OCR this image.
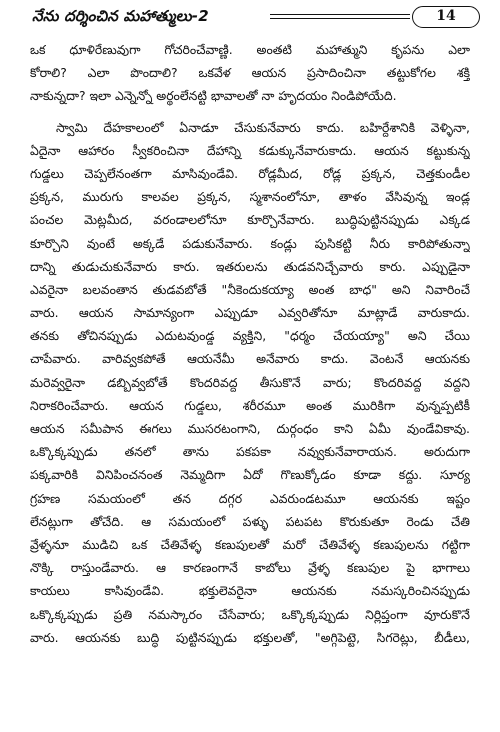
నేను దర్శించిన మహాత్ములు-2	14
ఒక ధూళిరేణువుగా గోచరించేవాణ్ణి. అంతటి మహాత్ముని కృపను ఎలా
కోరాలి? ఎలా పొందాలి? ఒకవేళ ఆయన ప్రసాదించినా తట్టుకోగల శక్తి
నాకున్నదా? ఇలా ఎన్నెన్నో అర్థంలేనట్టి భావాలతో నా హృదయం నిండిపోయేది.
స్వామి దేహకాలంలో ఏనాడూ చేసుకునేవారు కాదు. బహిర్దేశానికి వెళ్ళినా,
ఏదైనా ఆహారం స్వీకరించినా దేహాన్ని కడుక్కునేవారుకాదు. ఆయన కట్టుకున్న
గుడ్డలు చెప్పలేనంతగా మాసివుండేవి. రోడ్లమీద, రోడ్ల ప్రక్కన, చెత్తకుండీల
ప్రక్కన, మురుగు కాలవల ప్రక్కన, స్మశానంలోనూ, తాళం వేసివున్న ఇండ్ల
పంచల మెట్లమీద, వరండాలలోనూ కూర్చొనేవారు. బుద్ధిపుట్టినప్పుడు ఎక్కడ
కూర్చొని వుంటే అక్కడే పడుకునేవారు. కండ్లు పుసికట్టి నీరు కారిపోతున్నా
దాన్ని తుడుచుకునేవారు కారు. ఇతరులను తుడవనిచ్చేవారు కారు. ఎప్పుడైనా
ఎవరైనా బలవంతాన తుడవబోతే "నీకెందుకయ్యా అంత బాధ" అని నివారించే
వారు. ఆయన సామాన్యంగా ఎప్పుడూ ఎవ్వరితోనూ మాట్లాడే వారుకాదు.
తనకు తోచినప్పుడు ఎదుటవుండ్డ వ్యక్తిని, "ధర్మం చేయయ్యా" అని చేయి
చాపేవారు. వారివ్వకపోతే ఆయనేమీ అనేవారు కాదు. వెంటనే ఆయనకు
మరెవ్వరైనా డబ్బివ్వబోతే కొందరివద్ద తీసుకొనే వారు; కొందరివద్ద వద్దని
నిరాకరించేవారు. ఆయన గుడ్డలు, శరీరమూ అంత మురికిగా వున్నప్పటికీ
ఆయన సమీపాన ఈగలు ముసరటంగాని, దుర్గంధం కాని ఏమీ వుండేవికావు.
ఒక్కొక్కప్పుడు తనలో తాను పకపకా నవ్వుకునేవారాయన. అరుదుగా
పక్కవారికి వినిపించనంత నెమ్మదిగా ఏదో గొణుక్కోడం కూడా కద్దు. సూర్య
గ్రహణ సమయంలో తన దగ్గర ఎవరుండటమూ ఆయనకు ఇష్టం
లేనట్లుగా తోచేది. ఆ సమయంలో పళ్ళు పటపట కొరుకుతూ రెండు చేతి
వ్రేళ్ళనూ ముడిచి ఒక చేతివేళ్ళ కణుపులతో మరో చేతివేళ్ళ కణుపులను గట్టిగా
నొక్కి రాస్తుండేవారు. ఆ కారణంగానే కాబోలు వ్రేళ్ళ కణుపుల పై భాగాలు
కాయలు కాసివుండేవి. భక్తులెవరైనా ఆయనకు నమస్కరించినప్పుడు
ఒక్కొక్కప్పుడు ప్రతి నమస్కారం చేసేవారు; ఒక్కొక్కప్పుడు నిర్లిప్తంగా వూరుకొనే
వారు. ఆయనకు బుద్ధి పుట్టినప్పుడు భక్తులతో, "అగ్గిపెట్టె, సిగరెట్లు, బీడీలు,
